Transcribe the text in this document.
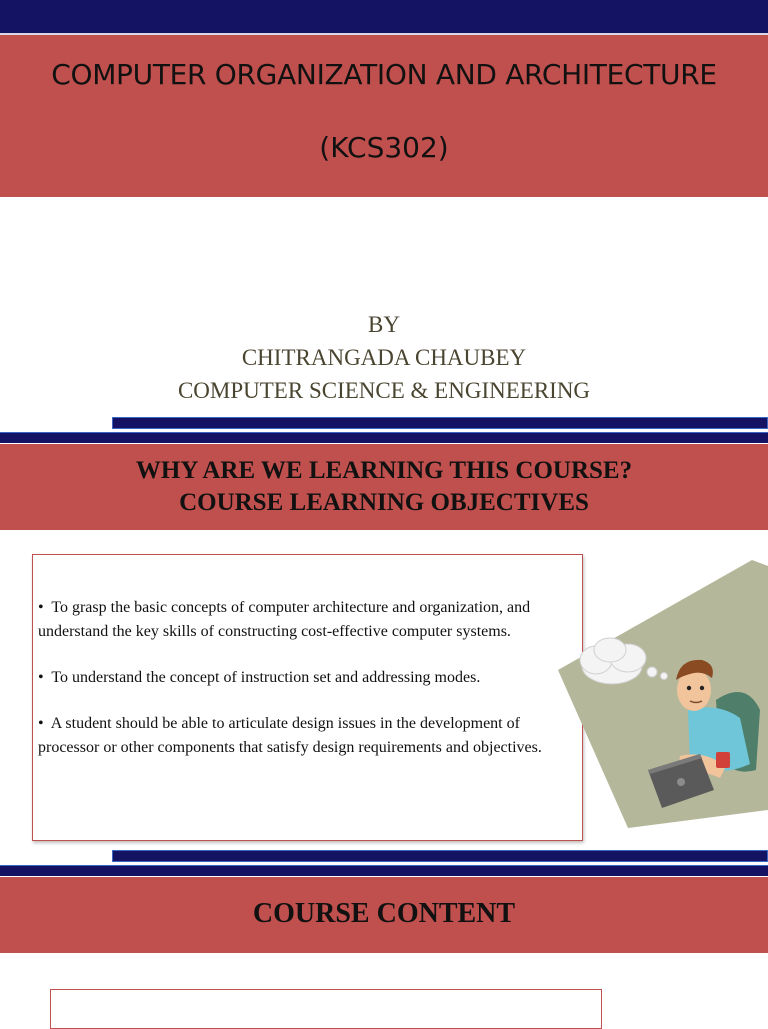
COMPUTER ORGANIZATION AND ARCHITECTURE
(KCS302)
BY
CHITRANGADA CHAUBEY
COMPUTER SCIENCE & ENGINEERING
WHY ARE WE LEARNING THIS COURSE?
COURSE LEARNING OBJECTIVES

•  To grasp the basic concepts of computer architecture and organization, and understand the key skills of constructing cost-effective computer systems.

•  To understand the concept of instruction set and addressing modes.

•  A student should be able to articulate design issues in the development of processor or other components that satisfy design requirements and objectives.

COURSE CONTENT
